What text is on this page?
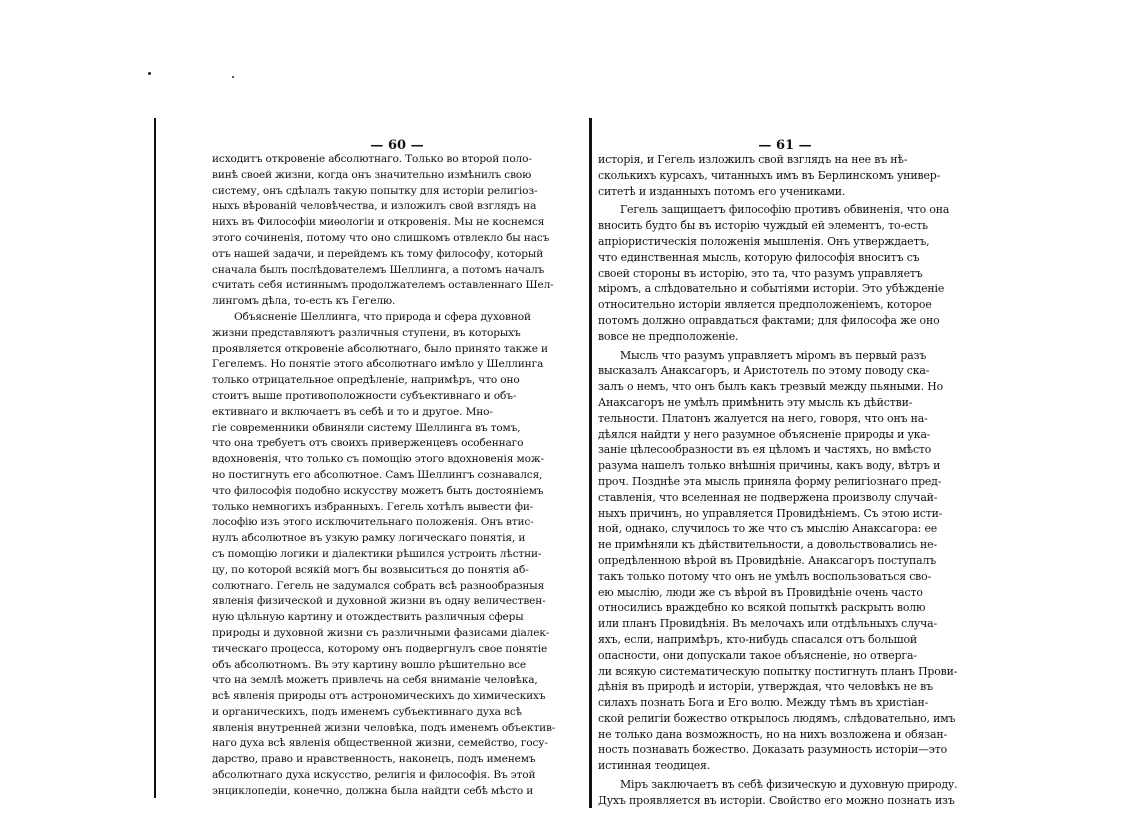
— 60 —
исходитъ откровеніе абсолютнаго. Только во второй поло-
винѣ своей жизни, когда онъ значительно измѣнилъ свою
систему, онъ сдѣлалъ такую попытку для исторіи религіоз-
ныхъ вѣрованій человѣчества, и изложилъ свой взглядъ на
нихъ въ Философіи миѳологіи и откровенія. Мы не коснемся
этого сочиненія, потому что оно слишкомъ отвлекло бы насъ
отъ нашей задачи, и перейдемъ къ тому философу, который
сначала былъ послѣдователемъ Шеллинга, а потомъ началъ
считать себя истиннымъ продолжателемъ оставленнаго Шел-
лингомъ дѣла, то-есть къ Гегелю.
Объясненіе Шеллинга, что природа и сфера духовной
жизни представляютъ различныя ступени, въ которыхъ
проявляется откровеніе абсолютнаго, было принято также и
Гегелемъ. Но понятіе этого абсолютнаго имѣло у Шеллинга
только отрицательное опредѣленіе, напримѣръ, что оно
стоитъ выше противоположности субъективнаго и объ-
ективнаго и включаетъ въ себѣ и то и другое. Мно-
гіе современники обвиняли систему Шеллинга въ томъ,
что она требуетъ отъ своихъ приверженцевъ особеннаго
вдохновенія, что только съ помощію этого вдохновенія мож-
но постигнуть его абсолютное. Самъ Шеллингъ сознавался,
что философія подобно искусству можетъ быть достояніемъ
только немногихъ избранныхъ. Гегель хотѣлъ вывести фи-
лософію изъ этого исключительнаго положенія. Онъ втис-
нулъ абсолютное въ узкую рамку логическаго понятія, и
съ помощію логики и діалектики рѣшился устроить лѣстни-
цу, по которой всякій могъ бы возвыситься до понятія аб-
солютнаго. Гегель не задумался собрать всѣ разнообразныя
явленія физической и духовной жизни въ одну величествен-
ную цѣльную картину и отождествить различныя сферы
природы и духовной жизни съ различными фазисами діалек-
тическаго процесса, которому онъ подвергнулъ свое понятіе
объ абсолютномъ. Въ эту картину вошло рѣшительно все
что на землѣ можетъ привлечь на себя вниманіе человѣка,
всѣ явленія природы отъ астрономическихъ до химическихъ
и органическихъ, подъ именемъ субъективнаго духа всѣ
явленія внутренней жизни человѣка, подъ именемъ объектив-
наго духа всѣ явленія общественной жизни, семейство, госу-
дарство, право и нравственность, наконецъ, подъ именемъ
абсолютнаго духа искусство, религія и философія. Въ этой
энциклопедіи, конечно, должна была найдти себѣ мѣсто и
— 61 —
исторія, и Гегель изложилъ свой взглядъ на нее въ нѣ-
сколькихъ курсахъ, читанныхъ имъ въ Берлинскомъ универ-
ситетѣ и изданныхъ потомъ его учениками.
Гегель защищаетъ философію противъ обвиненія, что она
вносить будто бы въ исторію чуждый ей элементъ, то-есть
апріористическія положенія мышленія. Онъ утверждаетъ,
что единственная мысль, которую философія вноситъ съ
своей стороны въ исторію, это та, что разумъ управляетъ
міромъ, а слѣдовательно и событіями исторіи. Это убѣжденіе
относительно исторіи является предположеніемъ, которое
потомъ должно оправдаться фактами; для философа же оно
вовсе не предположеніе.
Мысль что разумъ управляетъ міромъ въ первый разъ
высказалъ Анаксагоръ, и Аристотель по этому поводу ска-
залъ о немъ, что онъ былъ какъ трезвый между пьяными. Но
Анаксагоръ не умѣлъ примѣнить эту мысль къ дѣйстви-
тельности. Платонъ жалуется на него, говоря, что онъ на-
дѣялся найдти у него разумное объясненіе природы и ука-
заніе цѣлесообразности въ ея цѣломъ и частяхъ, но вмѣсто
разума нашелъ только внѣшнія причины, какъ воду, вѣтръ и
проч. Позднѣе эта мысль приняла форму религіознаго пред-
ставленія, что вселенная не подвержена произволу случай-
ныхъ причинъ, но управляется Провидѣніемъ. Съ этою исти-
ной, однако, случилось то же что съ мыслію Анаксагора: ее
не примѣняли къ дѣйствительности, а довольствовались не-
опредѣленною вѣрой въ Провидѣніе. Анаксагоръ поступалъ
такъ только потому что онъ не умѣлъ воспользоваться сво-
ею мыслію, люди же съ вѣрой въ Провидѣніе очень часто
относились враждебно ко всякой попыткѣ раскрыть волю
или планъ Провидѣнія. Въ мелочахъ или отдѣльныхъ случа-
яхъ, если, напримѣръ, кто-нибудь спасался отъ большой
опасности, они допускали такое объясненіе, но отверга-
ли всякую систематическую попытку постигнуть планъ Прови-
дѣнія въ природѣ и исторіи, утверждая, что человѣкъ не въ
силахъ познать Бога и Его волю. Между тѣмъ въ христіан-
ской религіи божество открылось людямъ, слѣдовательно, имъ
не только дана возможность, но на нихъ возложена и обязан-
ность познавать божество. Доказать разумность исторіи—это
истинная теодицея.
Міръ заключаетъ въ себѣ физическую и духовную природу.
Духъ проявляется въ исторіи. Свойство его можно познать изъ
